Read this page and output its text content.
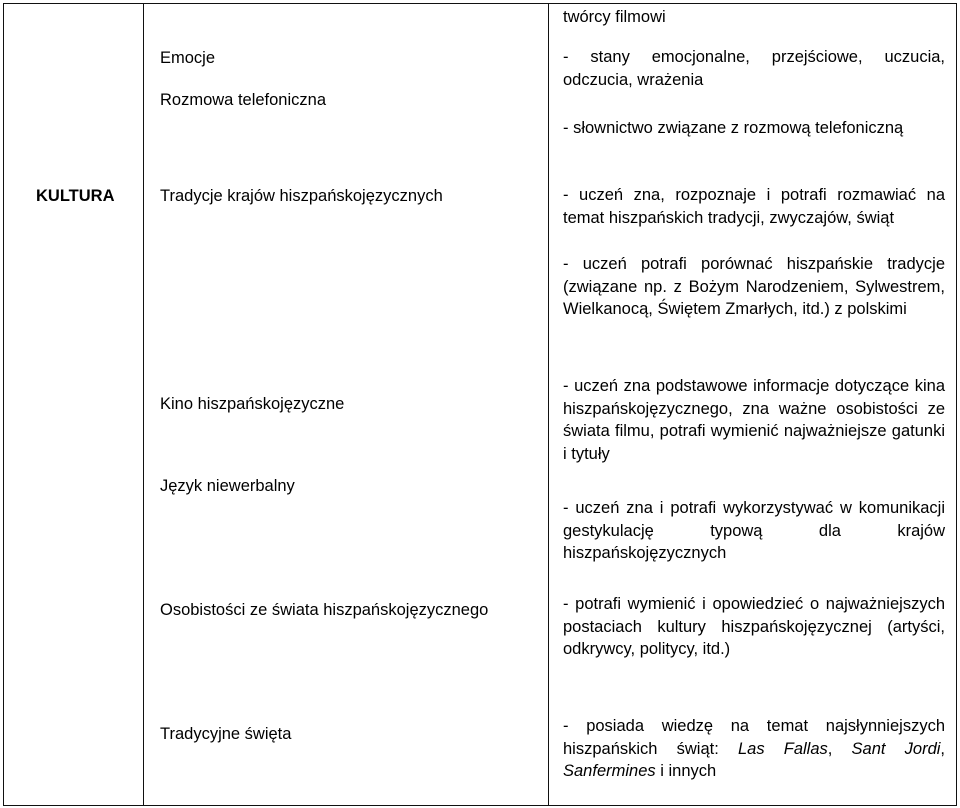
KULTURA
Emocje
Rozmowa telefoniczna
Tradycje krajów hiszpańskojęzycznych
Kino hiszpańskojęzyczne
Język niewerbalny
Osobistości ze świata hiszpańskojęzycznego
Tradycyjne święta
twórcy filmowi
- stany emocjonalne, przejściowe, uczucia, odczucia, wrażenia
- słownictwo związane z rozmową telefoniczną
- uczeń zna, rozpoznaje i potrafi rozmawiać na temat hiszpańskich tradycji, zwyczajów, świąt
- uczeń potrafi porównać hiszpańskie tradycje (związane np. z Bożym Narodzeniem, Sylwestrem, Wielkanocą, Świętem Zmarłych, itd.) z polskimi
- uczeń zna podstawowe informacje dotyczące kina hiszpańskojęzycznego, zna ważne osobistości ze świata filmu, potrafi wymienić najważniejsze gatunki i tytuły
- uczeń zna i potrafi wykorzystywać w komunikacji gestykulację typową dla krajów hiszpańskojęzycznych
- potrafi wymienić i opowiedzieć o najważniejszych postaciach kultury hiszpańskojęzycznej (artyści, odkrywcy, politycy, itd.)
- posiada wiedzę na temat najsłynniejszych hiszpańskich świąt: Las Fallas, Sant Jordi, Sanfermines i innych
